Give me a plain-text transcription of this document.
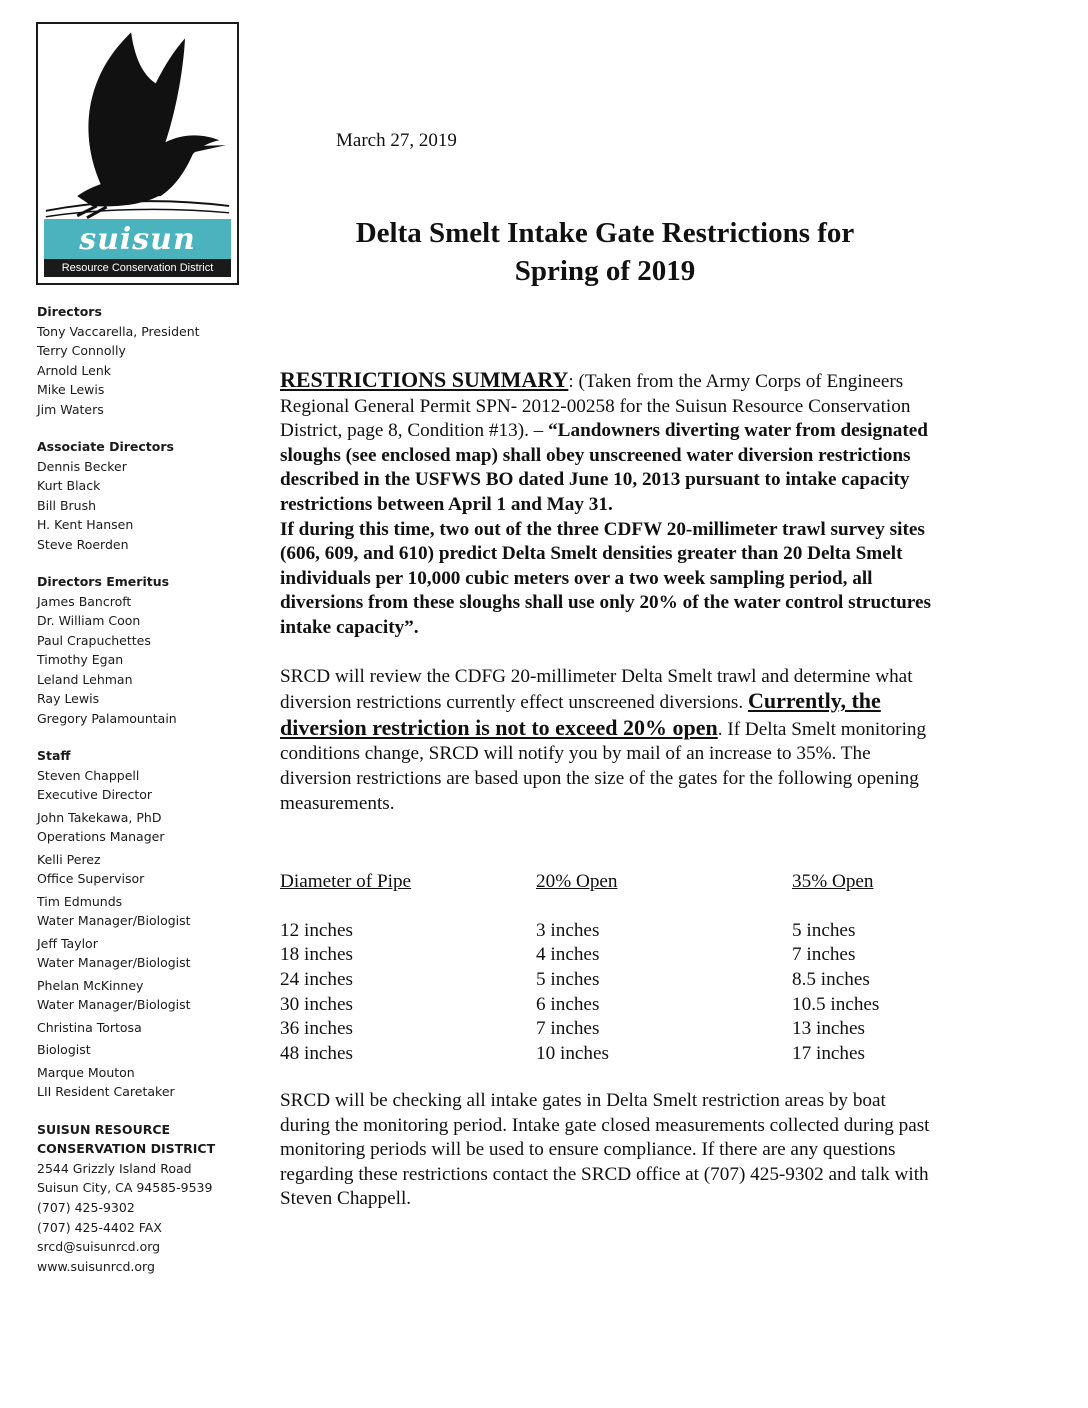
suisun
Resource Conservation District
Directors
Tony Vaccarella, President
Terry Connolly
Arnold Lenk
Mike Lewis
Jim Waters
Associate Directors
Dennis Becker
Kurt Black
Bill Brush
H. Kent Hansen
Steve Roerden
Directors Emeritus
James Bancroft
Dr. William Coon
Paul Crapuchettes
Timothy Egan
Leland Lehman
Ray Lewis
Gregory Palamountain
Staff
Steven Chappell
Executive Director
John Takekawa, PhD
Operations Manager
Kelli Perez
Office Supervisor
Tim Edmunds
Water Manager/Biologist
Jeff Taylor
Water Manager/Biologist
Phelan McKinney
Water Manager/Biologist
Christina Tortosa
Biologist
Marque Mouton
LII Resident Caretaker
SUISUN RESOURCE
CONSERVATION DISTRICT
2544 Grizzly Island Road
Suisun City, CA 94585-9539
(707) 425-9302
(707) 425-4402 FAX
srcd@suisunrcd.org
www.suisunrcd.org
March 27, 2019
Delta Smelt Intake Gate Restrictions for
Spring of 2019

RESTRICTIONS SUMMARY: (Taken from the Army Corps of Engineers Regional General Permit SPN- 2012-00258 for the Suisun Resource Conservation District, page 8, Condition #13). – “Landowners diverting water from designated sloughs (see enclosed map) shall obey unscreened water diversion restrictions described in the USFWS BO dated June 10, 2013 pursuant to intake capacity restrictions between April 1 and May 31.

If during this time, two out of the three CDFW 20-millimeter trawl survey sites (606, 609, and 610) predict Delta Smelt densities greater than 20 Delta Smelt individuals per 10,000 cubic meters over a two week sampling period, all diversions from these sloughs shall use only 20% of the water control structures intake capacity”.

SRCD will review the CDFG 20-millimeter Delta Smelt trawl and determine what diversion restrictions currently effect unscreened diversions. Currently, the diversion restriction is not to exceed 20% open. If Delta Smelt monitoring conditions change, SRCD will notify you by mail of an increase to 35%. The diversion restrictions are based upon the size of the gates for the following opening measurements.

Diameter of Pipe	20% Open	35% Open

12 inches	3 inches	5 inches
18 inches	4 inches	7 inches
24 inches	5 inches	8.5 inches
30 inches	6 inches	10.5 inches
36 inches	7 inches	13 inches
48 inches	10 inches	17 inches

SRCD will be checking all intake gates in Delta Smelt restriction areas by boat during the monitoring period. Intake gate closed measurements collected during past monitoring periods will be used to ensure compliance. If there are any questions regarding these restrictions contact the SRCD office at (707) 425-9302 and talk with Steven Chappell.
